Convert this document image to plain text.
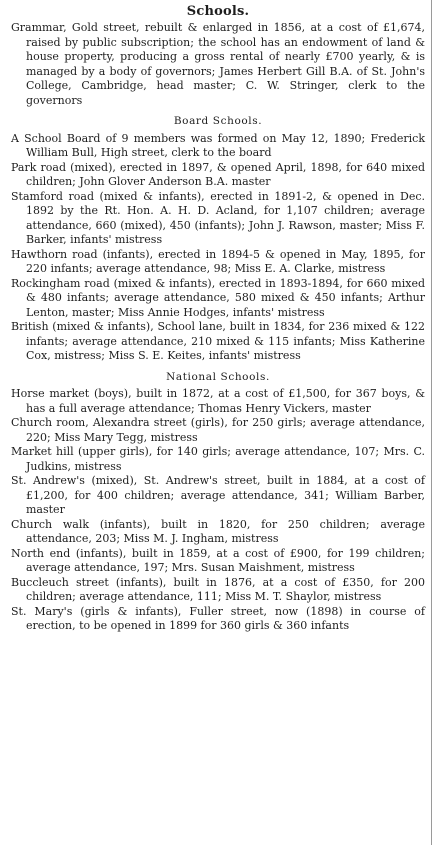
Schools.

Grammar, Gold street, rebuilt & enlarged in 1856, at a cost of £1,674, raised by public subscription; the school has an endowment of land & house property, producing a gross rental of nearly £700 yearly, & is managed by a body of governors; James Herbert Gill B.A. of St. John's College, Cambridge, head master; C. W. Stringer, clerk to the governors

Board Schools.

A School Board of 9 members was formed on May 12, 1890; Frederick William Bull, High street, clerk to the board

Park road (mixed), erected in 1897, & opened April, 1898, for 640 mixed children; John Glover Anderson B.A. master

Stamford road (mixed & infants), erected in 1891-2, & opened in Dec. 1892 by the Rt. Hon. A. H. D. Acland, for 1,107 children; average attendance, 660 (mixed), 450 (infants); John J. Rawson, master; Miss F. Barker, infants' mistress

Hawthorn road (infants), erected in 1894-5 & opened in May, 1895, for 220 infants; average attendance, 98; Miss E. A. Clarke, mistress

Rockingham road (mixed & infants), erected in 1893-1894, for 660 mixed & 480 infants; average attendance, 580 mixed & 450 infants; Arthur Lenton, master; Miss Annie Hodges, infants' mistress

British (mixed & infants), School lane, built in 1834, for 236 mixed & 122 infants; average attendance, 210 mixed & 115 infants; Miss Katherine Cox, mistress; Miss S. E. Keites, infants' mistress

National Schools.

Horse market (boys), built in 1872, at a cost of £1,500, for 367 boys, & has a full average attendance; Thomas Henry Vickers, master

Church room, Alexandra street (girls), for 250 girls; average attendance, 220; Miss Mary Tegg, mistress

Market hill (upper girls), for 140 girls; average attendance, 107; Mrs. C. Judkins, mistress

St. Andrew's (mixed), St. Andrew's street, built in 1884, at a cost of £1,200, for 400 children; average attendance, 341; William Barber, master

Church walk (infants), built in 1820, for 250 children; average attendance, 203; Miss M. J. Ingham, mistress

North end (infants), built in 1859, at a cost of £900, for 199 children; average attendance, 197; Mrs. Susan Maishment, mistress

Buccleuch street (infants), built in 1876, at a cost of £350, for 200 children; average attendance, 111; Miss M. T. Shaylor, mistress

St. Mary's (girls & infants), Fuller street, now (1898) in course of erection, to be opened in 1899 for 360 girls & 360 infants
